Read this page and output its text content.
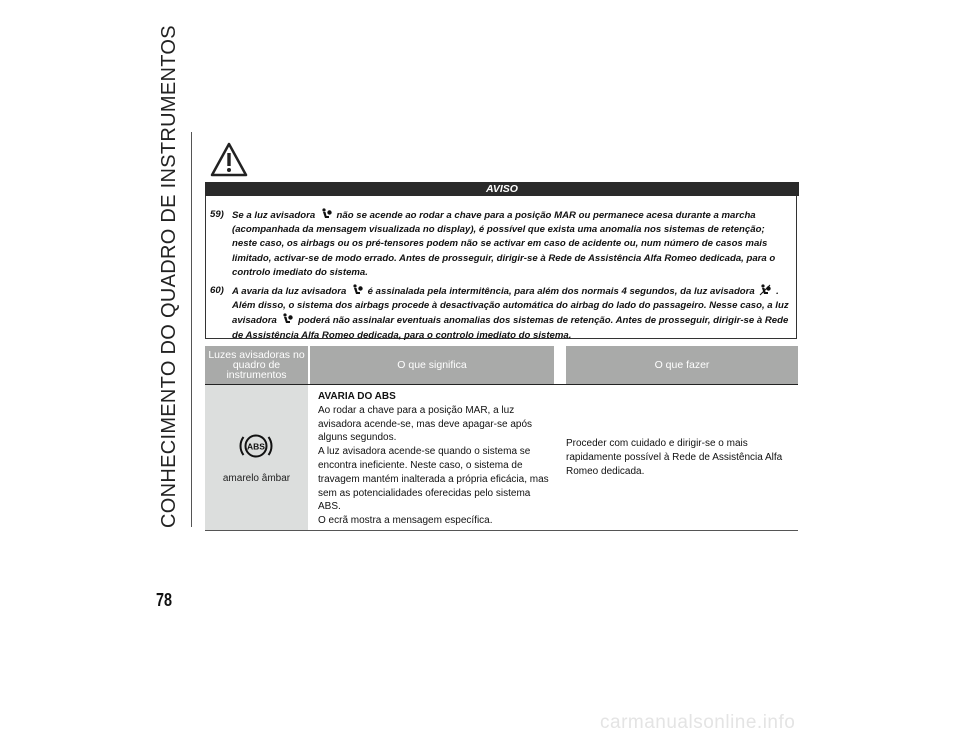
CONHECIMENTO DO QUADRO DE INSTRUMENTOS
78
AVISO
59) Se a luz avisadora não se acende ao rodar a chave para a posição MAR ou permanece acesa durante a marcha (acompanhada da mensagem visualizada no display), é possível que exista uma anomalia nos sistemas de retenção; neste caso, os airbags ou os pré-tensores podem não se activar em caso de acidente ou, num número de casos mais limitado, activar-se de modo errado. Antes de prosseguir, dirigir-se à Rede de Assistência Alfa Romeo dedicada, para o controlo imediato do sistema.
60) A avaria da luz avisadora é assinalada pela intermitência, para além dos normais 4 segundos, da luz avisadora . Além disso, o sistema dos airbags procede à desactivação automática do airbag do lado do passageiro. Nesse caso, a luz avisadora poderá não assinalar eventuais anomalias dos sistemas de retenção. Antes de prosseguir, dirigir-se à Rede de Assistência Alfa Romeo dedicada, para o controlo imediato do sistema.
Luzes avisadoras no quadro de instrumentos
O que significa	O que fazer
ABS
amarelo âmbar
AVARIA DO ABS
Ao rodar a chave para a posição MAR, a luz avisadora acende-se, mas deve apagar-se após alguns segundos.
A luz avisadora acende-se quando o sistema se encontra ineficiente. Neste caso, o sistema de travagem mantém inalterada a própria eficácia, mas sem as potencialidades oferecidas pelo sistema ABS.
O ecrã mostra a mensagem específica.
Proceder com cuidado e dirigir-se o mais rapidamente possível à Rede de Assistência Alfa Romeo dedicada.
carmanualsonline.info
